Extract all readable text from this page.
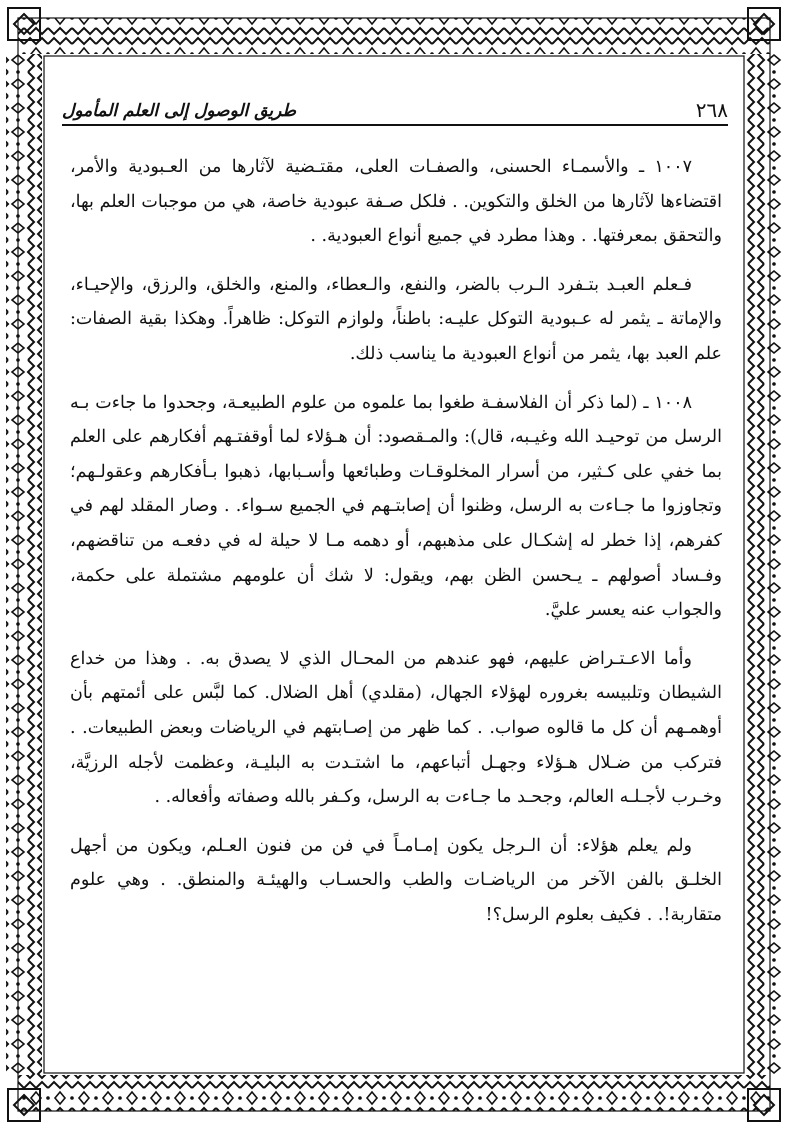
طريق الوصول إلى العلم المأمول	٢٦٨

١٠٠٧ ـ والأسمـاء الحسنى، والصفـات العلى، مقتـضية لآثارها من العـبودية والأمر، اقتضاءها لآثارها من الخلق والتكوين. . فلكل صـفة عبودية خاصة، هي من موجبات العلم بها، والتحقق بمعرفتها. . وهذا مطرد في جميع أنواع العبودية. .

فـعلم العبـد بتـفرد الـرب بالضر، والنفع، والـعطاء، والمنع، والخلق، والرزق، والإحيـاء، والإماتة ـ يثمر له عـبودية التوكل عليـه: باطناً، ولوازم التوكل: ظاهراً. وهكذا بقية الصفات: علم العبد بها، يثمر من أنواع العبودية ما يناسب ذلك.

١٠٠٨ ـ (لما ذكر أن الفلاسفـة طغوا بما علموه من علوم الطبيعـة، وجحدوا ما جاءت بـه الرسل من توحيـد الله وغيـبه، قال): والمـقصود: أن هـؤلاء لما أوقفتـهم أفكارهم على العلم بما خفي على كـثير، من أسرار المخلوقـات وطبائعها وأسـبابها، ذهبوا بـأفكارهم وعقولـهم؛ وتجاوزوا ما جـاءت به الرسل، وظنوا أن إصابتـهم في الجميع سـواء. . وصار المقلد لهم في كفرهم، إذا خطر له إشكـال على مذهبهم، أو دهمه مـا لا حيلة له في دفعـه من تناقضهم، وفـساد أصولهم ـ يـحسن الظن بهم، ويقول: لا شك أن علومهم مشتملة على حكمة، والجواب عنه يعسر عليَّ.

وأما الاعـتـراض عليهم، فهو عندهم من المحـال الذي لا يصدق به. . وهذا من خداع الشيطان وتلبيسه بغروره لهؤلاء الجهال، (مقلدي) أهل الضلال. كما لبَّس على أئمتهم بأن أوهمـهم أن كل ما قالوه صواب. . كما ظهر من إصـابتهم في الرياضات وبعض الطبيعات. . فتركب من ضـلال هـؤلاء وجهـل أتباعهم، ما اشتـدت به البليـة، وعظمت لأجله الرزيَّة، وخـرب لأجـلـه العالم، وجحـد ما جـاءت به الرسل، وكـفر بالله وصفاته وأفعاله. .

ولم يعلم هؤلاء: أن الـرجل يكون إمـامـاً في فن من فنون العـلم، ويكون من أجهل الخلـق بالفن الآخر من الرياضـات والطب والحسـاب والهيئـة والمنطق. . وهي علوم متقاربة!. . فكيف بعلوم الرسل؟!
